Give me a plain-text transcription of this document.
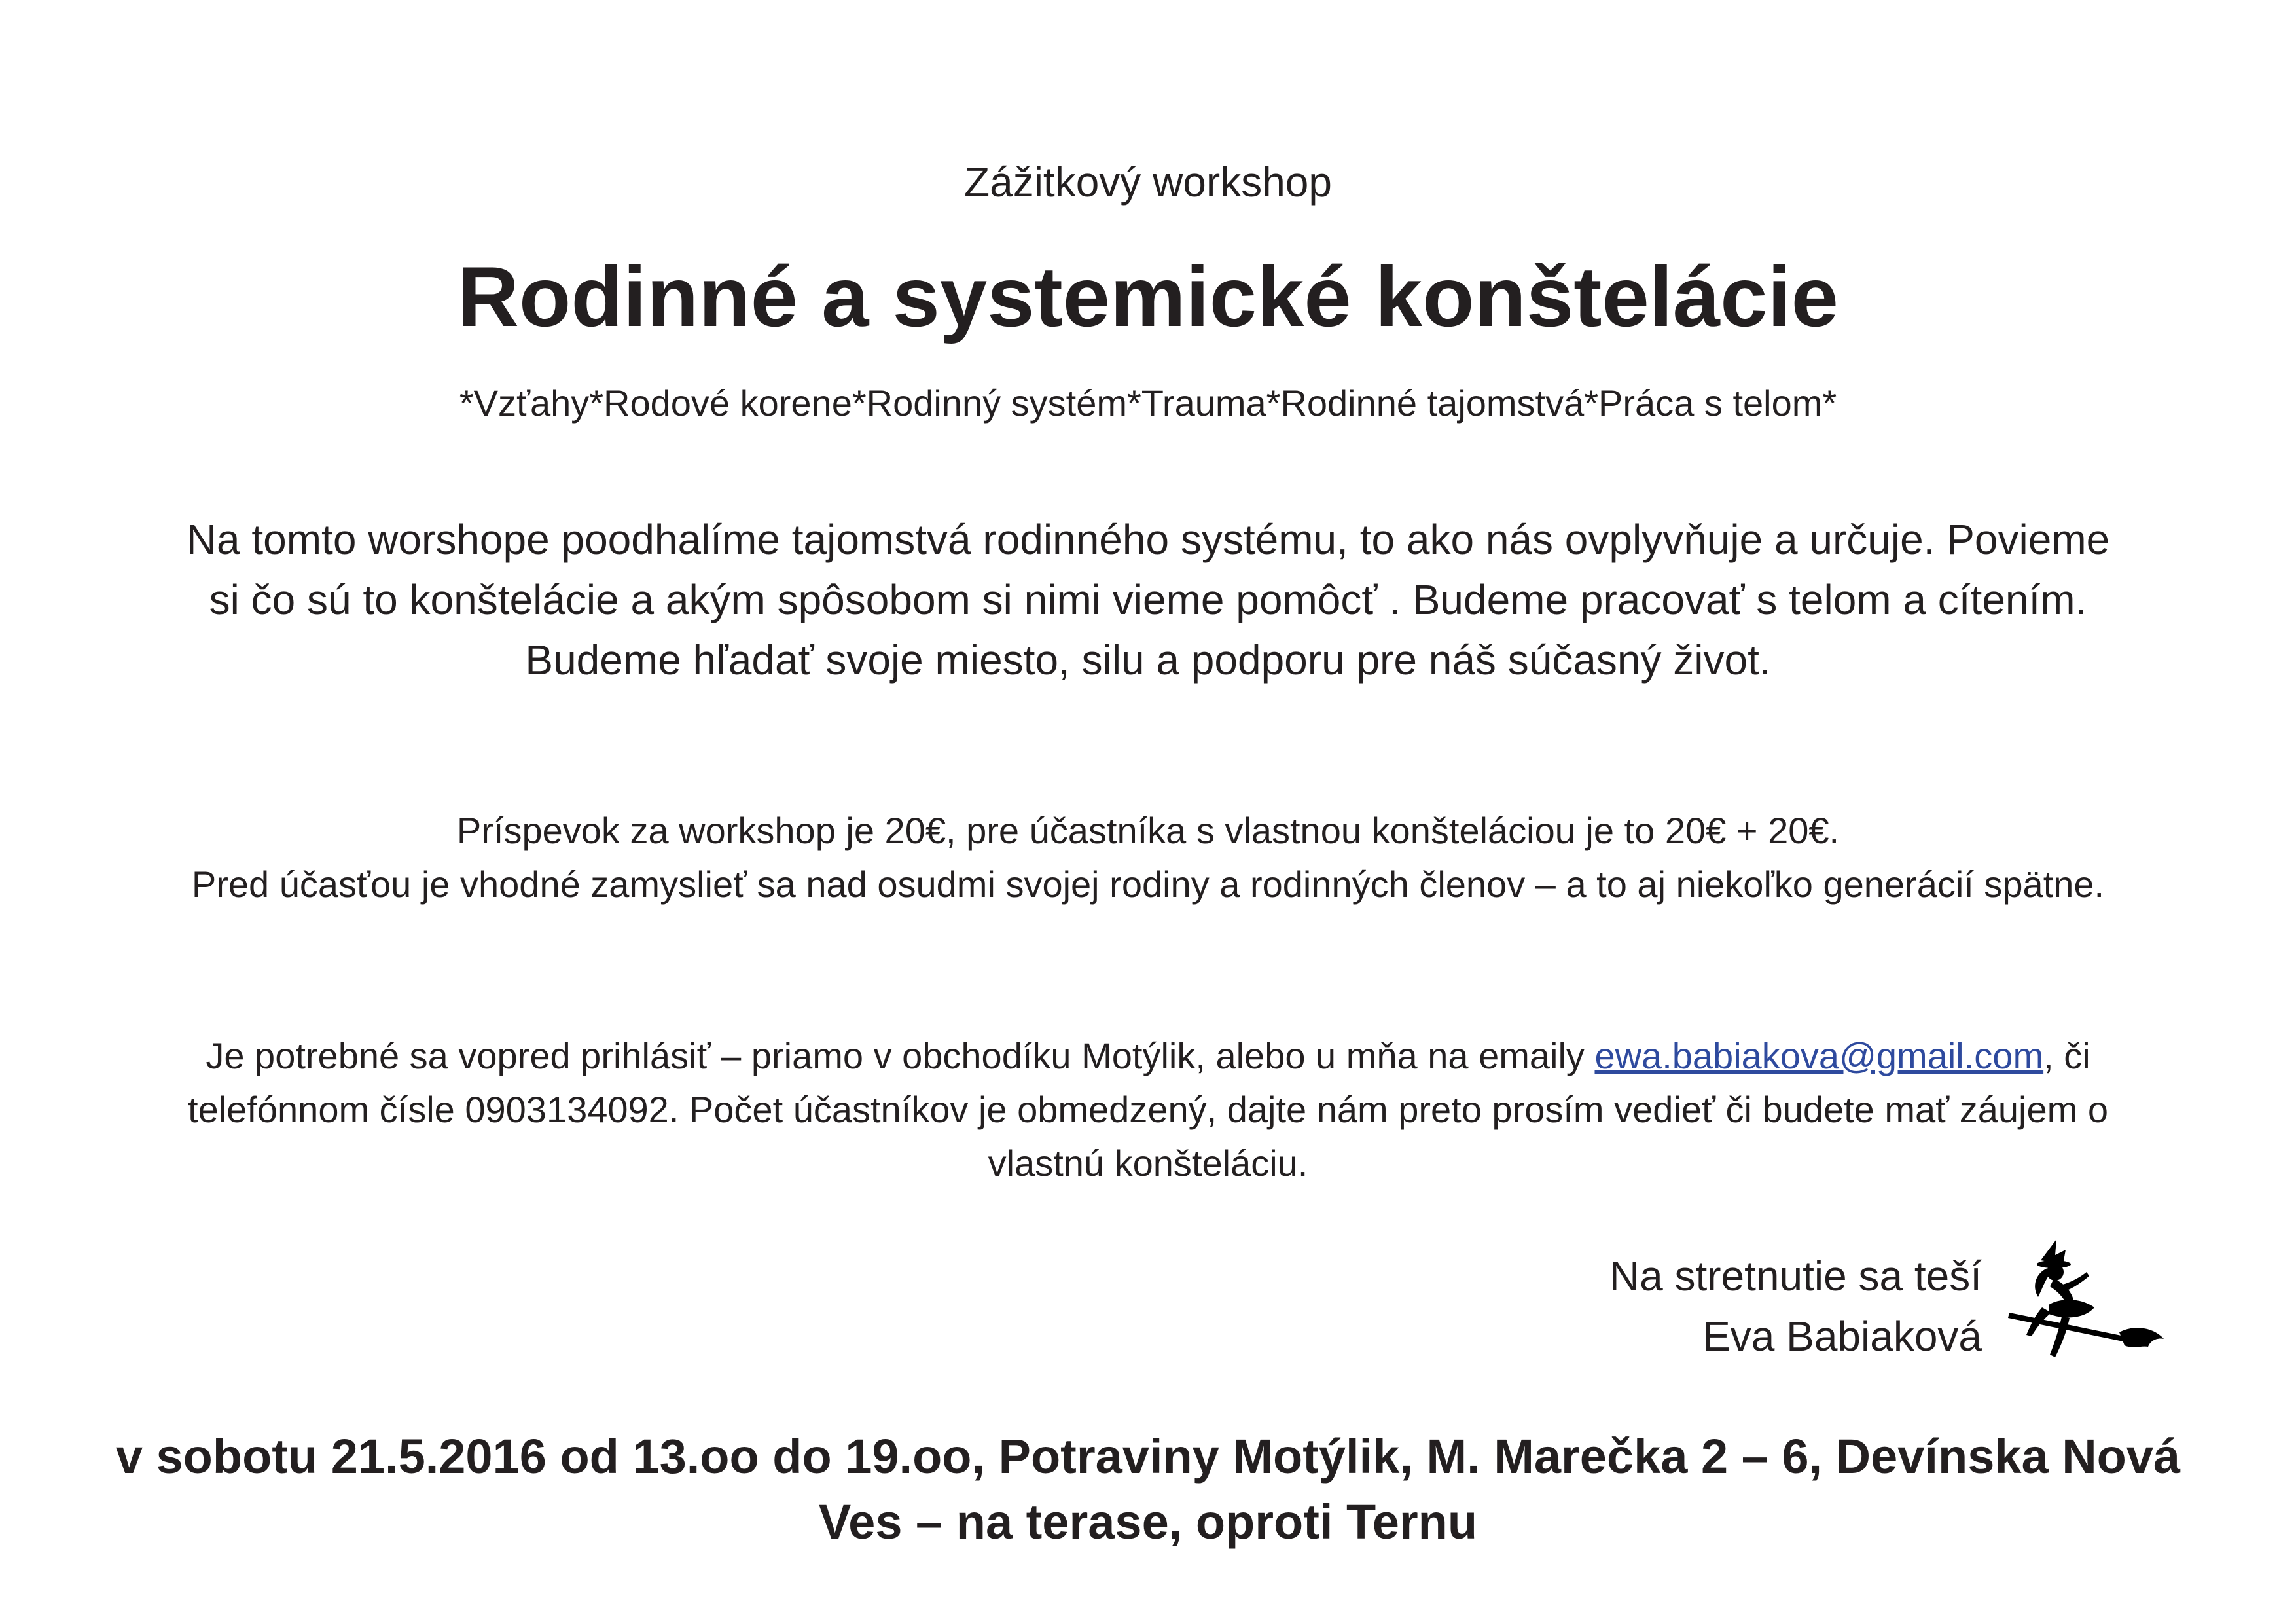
Zážitkový workshop
Rodinné a systemické konštelácie
*Vzťahy*Rodové korene*Rodinný systém*Trauma*Rodinné tajomstvá*Práca s telom*
Na tomto worshope poodhalíme tajomstvá rodinného systému, to ako nás ovplyvňuje a určuje. Povieme
si čo sú to konštelácie a akým spôsobom si nimi vieme pomôcť . Budeme pracovať s telom a cítením.
Budeme hľadať svoje miesto, silu a podporu pre náš súčasný život.
Príspevok za workshop je 20€, pre účastníka s vlastnou konšteláciou je to 20€ + 20€.
Pred účasťou je vhodné zamyslieť sa nad osudmi svojej rodiny a rodinných členov – a to aj niekoľko generácií spätne.
Je potrebné sa vopred prihlásiť – priamo v obchodíku Motýlik, alebo u mňa na emaily ewa.babiakova@gmail.com, či
telefónnom čísle 0903134092. Počet účastníkov je obmedzený, dajte nám preto prosím vedieť či budete mať záujem o
vlastnú konšteláciu.
Na stretnutie sa teší
Eva Babiaková
v sobotu 21.5.2016 od 13.oo do 19.oo, Potraviny Motýlik, M. Marečka 2 – 6, Devínska Nová
Ves – na terase, oproti Ternu
